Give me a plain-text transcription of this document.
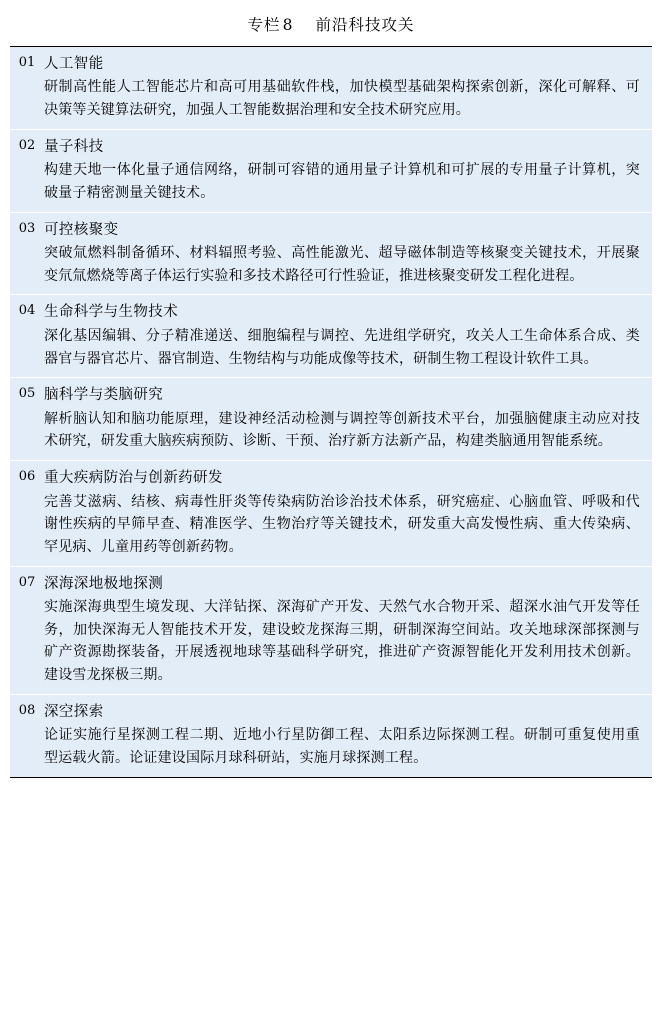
专栏 8 前沿科技攻关
01 人工智能
研制高性能人工智能芯片和高可用基础软件栈，加快模型基础架构探索创新，深化可解释、可决策等关键算法研究，加强人工智能数据治理和安全技术研究应用。
02 量子科技
构建天地一体化量子通信网络，研制可容错的通用量子计算机和可扩展的专用量子计算机，突破量子精密测量关键技术。
03 可控核聚变
突破氚燃料制备循环、材料辐照考验、高性能激光、超导磁体制造等核聚变关键技术，开展聚变氘氚燃烧等离子体运行实验和多技术路径可行性验证，推进核聚变研发工程化进程。
04 生命科学与生物技术
深化基因编辑、分子精准递送、细胞编程与调控、先进组学研究，攻关人工生命体系合成、类器官与器官芯片、器官制造、生物结构与功能成像等技术，研制生物工程设计软件工具。
05 脑科学与类脑研究
解析脑认知和脑功能原理，建设神经活动检测与调控等创新技术平台，加强脑健康主动应对技术研究，研发重大脑疾病预防、诊断、干预、治疗新方法新产品，构建类脑通用智能系统。
06 重大疾病防治与创新药研发
完善艾滋病、结核、病毒性肝炎等传染病防治诊治技术体系，研究癌症、心脑血管、呼吸和代谢性疾病的早筛早查、精准医学、生物治疗等关键技术，研发重大高发慢性病、重大传染病、罕见病、儿童用药等创新药物。
07 深海深地极地探测
实施深海典型生境发现、大洋钻探、深海矿产开发、天然气水合物开采、超深水油气开发等任务，加快深海无人智能技术开发，建设蛟龙探海三期，研制深海空间站。攻关地球深部探测与矿产资源勘探装备，开展透视地球等基础科学研究，推进矿产资源智能化开发利用技术创新。建设雪龙探极三期。
08 深空探索
论证实施行星探测工程二期、近地小行星防御工程、太阳系边际探测工程。研制可重复使用重型运载火箭。论证建设国际月球科研站，实施月球探测工程。
